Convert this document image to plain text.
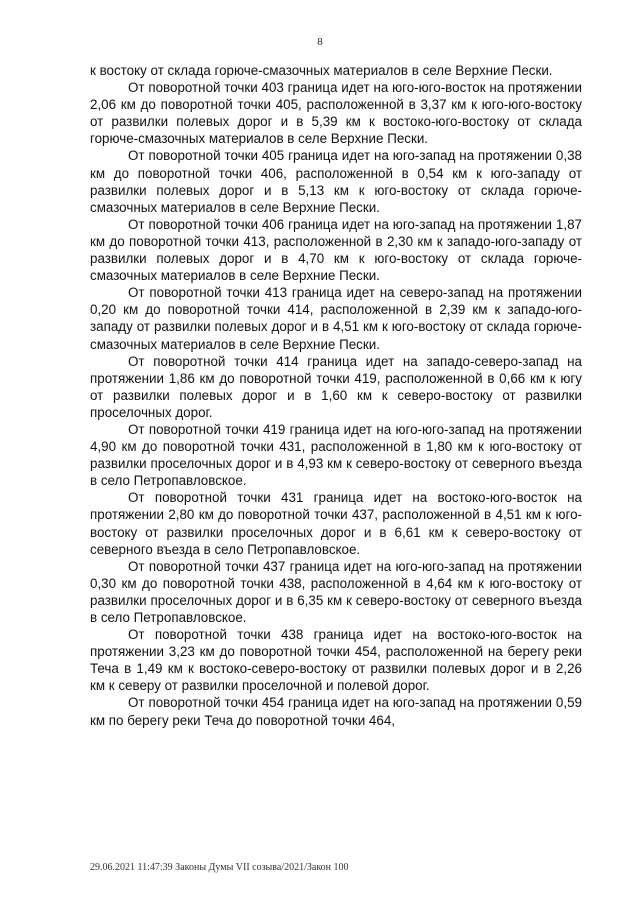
8

к востоку от склада горюче-смазочных материалов в селе Верхние Пески.

От поворотной точки 403 граница идет на юго-юго-восток на протяжении 2,06 км до поворотной точки 405, расположенной в 3,37 км к юго-юго-востоку от развилки полевых дорог и в 5,39 км к востоко-юго-востоку от склада горюче-смазочных материалов в селе Верхние Пески.

От поворотной точки 405 граница идет на юго-запад на протяжении 0,38 км до поворотной точки 406, расположенной в 0,54 км к юго-западу от развилки полевых дорог и в 5,13 км к юго-востоку от склада горюче-смазочных материалов в селе Верхние Пески.

От поворотной точки 406 граница идет на юго-запад на протяжении 1,87 км до поворотной точки 413, расположенной в 2,30 км к западо-юго-западу от развилки полевых дорог и в 4,70 км к юго-востоку от склада горюче-смазочных материалов в селе Верхние Пески.

От поворотной точки 413 граница идет на северо-запад на протяжении 0,20 км до поворотной точки 414, расположенной в 2,39 км к западо-юго-западу от развилки полевых дорог и в 4,51 км к юго-востоку от склада горюче-смазочных материалов в селе Верхние Пески.

От поворотной точки 414 граница идет на западо-северо-запад на протяжении 1,86 км до поворотной точки 419, расположенной в 0,66 км к югу от развилки полевых дорог и в 1,60 км к северо-востоку от развилки проселочных дорог.

От поворотной точки 419 граница идет на юго-юго-запад на протяжении 4,90 км до поворотной точки 431, расположенной в 1,80 км к юго-востоку от развилки проселочных дорог и в 4,93 км к северо-востоку от северного въезда в село Петропавловское.

От поворотной точки 431 граница идет на востоко-юго-восток на протяжении 2,80 км до поворотной точки 437, расположенной в 4,51 км к юго-востоку от развилки проселочных дорог и в 6,61 км к северо-востоку от северного въезда в село Петропавловское.

От поворотной точки 437 граница идет на юго-юго-запад на протяжении 0,30 км до поворотной точки 438, расположенной в 4,64 км к юго-востоку от развилки проселочных дорог и в 6,35 км к северо-востоку от северного въезда в село Петропавловское.

От поворотной точки 438 граница идет на востоко-юго-восток на протяжении 3,23 км до поворотной точки 454, расположенной на берегу реки Теча в 1,49 км к востоко-северо-востоку от развилки полевых дорог и в 2,26 км к северу от развилки проселочной и полевой дорог.

От поворотной точки 454 граница идет на юго-запад на протяжении 0,59 км по берегу реки Теча до поворотной точки 464,

29.06.2021 11:47:39 Законы Думы VII созыва/2021/Закон 100
